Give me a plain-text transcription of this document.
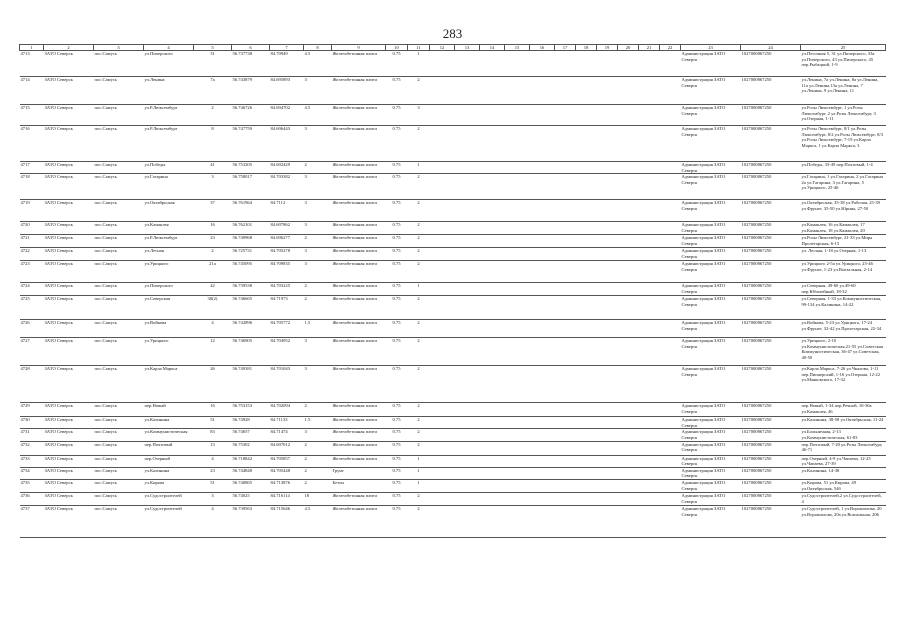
283
1	2	3	4	5	6	7	8	9	10	11	12	13	14	15	16	17	18	19	20	21	22	23	24	25
4713	ЗАТО Северск	пос.Самусь	ул.Пичерского	31	56.737738	84.70949	4.5	Железобетонная плита	0.75	1												Администрация ЗАТО Северск	1027000867250	ул.Песочная 5, 31 ул.Пичерского, 33а ул.Пичерского, 43 ул.Пичерского, 45 пер.Рыбацкий, 1-9
4714	ЗАТО Северск	пос.Самусь	ул.Ленина	7а	56.743879	84.695893	3	Железобетонная плита	0.75	2												Администрация ЗАТО Северск	1027000867250	ул.Ленина, 7а ул.Ленина, 8а ул.Ленина, 11а ул.Ленина,13а ул.Ленина, 7 ул.Ленина, 9 ул.Ленина, 11
4715	ЗАТО Северск	пос.Самусь	ул.Р.Люксембург	2	56.746726	84.694702	4.5	Железобетонная плита	0.75	3												Администрация ЗАТО Северск	1027000867250	ул.Розы Люксембург, 1 ул.Розы Люксембург, 2 ул.Розы Люксембург, 3 ул.Озерная, 1-11
4716	ЗАТО Северск	пос.Самусь	ул.Р.Люксембург	8	56.747759	84.696443	3	Железобетонная плита	0.75	2												Администрация ЗАТО Северск	1027000867250	ул.Розы Люксембург, 8/1 ул.Розы Люксембург, 8/2 ул.Розы Люксембург, 8/3 ул.Розы Люксембург, 7-19 ул.Карла Маркса, 1 ул.Карла Маркса, 3
4717	ЗАТО Северск	пос.Самусь	ул.Победы	41	56.753205	84.692429	2	Железобетонная плита	0.75	1												Администрация ЗАТО Северск	1027000867250	ул.Победы, 33-49 пер.Почтовый, 1-4
4718	ЗАТО Северск	пос.Самусь	ул.Гагарина	3	56.758017	84.703382	3	Железобетонная плита	0.75	2												Администрация ЗАТО Северск	1027000867250	ул.Гагарина, 1 ул.Гагарина, 2 ул.Гагарина 2а ул.Гагарина, 3 ул.Гагарина, 5 ул.Урицкого, 25-46
4719	ЗАТО Северск	пос.Самусь	ул.Октябрьская	37	56.761964	84.7112	3	Железобетонная плита	0.75	2												Администрация ЗАТО Северск	1027000867250	ул.Октябрьская, 35-38 ул.Рабочая, 25-39 ул.Фрунзе, 35-50 ул.Юрина, 27-50
4720	ЗАТО Северск	пос.Самусь	ул.Камаклея	16	56.762101	84.697862	3	Железобетонная плита	0.75	2												Администрация ЗАТО Северск	1027000867250	ул.Камаклея, 16 ул.Камаклея, 17 ул.Камаклея, 18 ул.Камаклея, 20
4721	ЗАТО Северск	пос.Самусь	ул.Р.Люксембург	23	56.749968	84.696277	2	Железобетонная плита	0.75	2												Администрация ЗАТО Северск	1027000867250	ул.Розы Люксембург, 21-33 ул.Мира Пролетарская, 6-15
4722	ЗАТО Северск	пос.Самусь	ул.Лесная	2	56.725731	84.705278	3	Железобетонная плита	0.75	2												Администрация ЗАТО Северск	1027000867250	ул. Лесная, 1-18 ул.Озерная, 1-13
4723	ЗАТО Северск	пос.Самусь	ул.Урицкого	21а	56.745095	84.709835	3	Железобетонная плита	0.75	2												Администрация ЗАТО Северск	1027000867250	ул.Урицкого 2-5а ул.Урицкого, 25-46 ул.Фрунзе, 1-23 ул.Вокзальная, 2-14
4724	ЗАТО Северск	пос.Самусь	ул.Пичерского	42	56.739538	84.703225	2	Железобетонная плита	0.75	1												Администрация ЗАТО Северск	1027000867250	ул.Северная, 49-60 ул.49-60 пер.Юбилейный, 18-32
4725	ЗАТО Северск	пос.Самусь	ул.Северская	30(2)	56.746665	84.71973	2	Железобетонная плита	0.75	2												Администрация ЗАТО Северск	1027000867250	ул.Северная, 1-33 ул.Коммунистическая, 99-134 ул.Калинина, 14-22
4726	ЗАТО Северск	пос.Самусь	ул.Войкова	4	56.742896	84.705772	1.5	Железобетонная плита	0.75	2												Администрация ЗАТО Северск	1027000867250	ул.Войкова, 5-23 ул.Урицкого, 17-24 ул.Фрунзе, 32-42 ул.Пролетарская, 22-34
4727	ЗАТО Северск	пос.Самусь	ул.Урицкого	12	56.746905	84.704952	3	Железобетонная плита	0.75	2												Администрация ЗАТО Северск	1027000867250	ул.Урицкого, 2-10 ул.Коммунистическая,21-55 ул.Советская Коммунистическая, 36-47 ул.Советская, 40-50
4728	ЗАТО Северск	пос.Самусь	ул.Карла Маркса	26	56.749381	84.701043	3	Железобетонная плита	0.75	2												Администрация ЗАТО Северск	1027000867250	ул.Карла Маркса, 7-26 ул.Чкалова, 1-11 пер.Пионерский, 1-16 ул.Озерная, 12-22 ул.Маяковского, 17-32
4729	ЗАТО Северск	пос.Самусь	пер.Новый	16	56.753153	84.702094	2	Железобетонная плита	0.75	2												Администрация ЗАТО Северск	1027000867250	пер.Новый, 1-34 пер.Речной, 10-36а ул.Камаклея, 46
4730	ЗАТО Северск	пос.Самусь	ул.Калинина	51	56.74928	84.71133	1.5	Железобетонная плита	0.75	2												Администрация ЗАТО Северск	1027000867250	ул.Калинина, 38-58 ул.Октябрьская, 11-24
4731	ЗАТО Северск	пос.Самусь	ул.Коммунистическая	83	56.74657	84.71474	3	Железобетонная плита	0.75	2												Администрация ЗАТО Северск	1027000867250	ул.Больничная, 2-13 ул.Коммунистическая, 61-83
4732	ЗАТО Северск	пос.Самусь	пер.Почтовый	13	56.75302	84.697012	2	Железобетонная плита	0.75	2												Администрация ЗАТО Северск	1027000867250	пер.Почтовый, 7-20 ул.Розы Люксембург, 46-71
4733	ЗАТО Северск	пос.Самусь	пер.Озерный	4	56.718842	84.705857	2	Железобетонная плита	0.75	1												Администрация ЗАТО Северск	1027000867250	пер.Озерный, 4-9 ул.Чапаева, 12-25 ул.Чапаева, 27-39
4734	ЗАТО Северск	пос.Самусь	ул.Калинина	23	56.744848	84.705448	2	Грунт	0.75	1												Администрация ЗАТО Северск	1027000867250	ул.Калинина, 14-38
4735	ЗАТО Северск	пос.Самусь	ул.Кирова	51	56.740865	84.713876	2	Бетон	0.75	1												Администрация ЗАТО Северск	1027000867250	ул.Кирова, 51 ул.Кирова, 49 ул.Октябрьская, 54б
4736	ЗАТО Северск	пос.Самусь	ул.Судостроителей	3	56.74025	84.716114	18	Железобетонная плита	0.75	2												Администрация ЗАТО Северск	1027000867250	ул.Судостроителей,2 ул.Судостроителей, 4
4737	ЗАТО Северск	пос.Самусь	ул.Судостроителей	4	56.739563	84.715646	4.5	Железобетонная плита	0.75	2												Администрация ЗАТО Северск	1027000867250	ул.Судостроителей, 1 ул.Ворошилова, 20 ул.Ворошилова, 20а ул.Вокзальная, 206
